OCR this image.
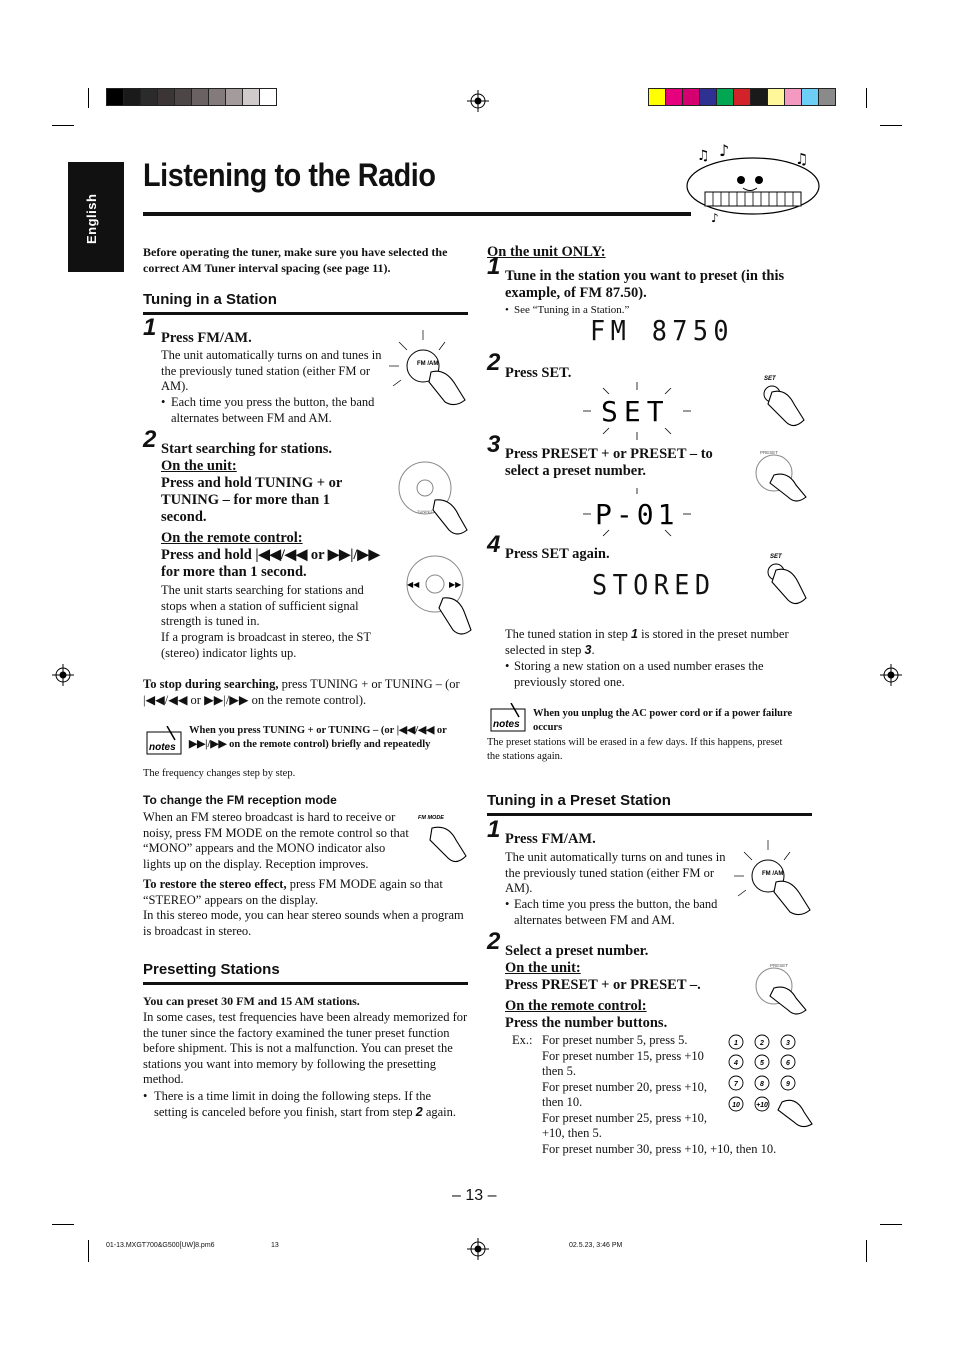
English
Listening to the Radio
♫ ♪	♫
♪
Before operating the tuner, make sure you have selected the correct AM Tuner interval spacing (see page 11).
Tuning in a Station
1 Press FM/AM.
The unit automatically turns on and tunes in the previously tuned station (either FM or AM).
• Each time you press the button, the band alternates between FM and AM.
FM /AM
2 Start searching for stations.
On the unit:
Press and hold TUNING + or TUNING – for more than 1 second.
On the remote control:
Press and hold |◀◀/◀◀ or ▶▶|/▶▶ for more than 1 second.
The unit starts searching for stations and stops when a station of sufficient signal strength is tuned in.
If a program is broadcast in stereo, the ST (stereo) indicator lights up.
TUNING
◀◀	▶▶
To stop during searching, press TUNING + or TUNING – (or |◀◀/◀◀ or ▶▶|/▶▶ on the remote control).
notes
When you press TUNING + or TUNING – (or |◀◀/◀◀ or ▶▶|/▶▶ on the remote control) briefly and repeatedly
The frequency changes step by step.
To change the FM reception mode
When an FM stereo broadcast is hard to receive or noisy, press FM MODE on the remote control so that “MONO” appears and the MONO indicator also lights up on the display. Reception improves.
FM MODE
To restore the stereo effect, press FM MODE again so that “STEREO” appears on the display.
In this stereo mode, you can hear stereo sounds when a program is broadcast in stereo.
Presetting Stations
You can preset 30 FM and 15 AM stations.
In some cases, test frequencies have been already memorized for the tuner since the factory examined the tuner preset function before shipment. This is not a malfunction. You can preset the stations you want into memory by following the presetting method.
• There is a time limit in doing the following steps. If the setting is canceled before you finish, start from step 2 again.
On the unit ONLY:
1 Tune in the station you want to preset (in this example, of FM 87.50).
• See “Tuning in a Station.”
FM 8750
2 Press SET.
SET
SET
3 Press PRESET + or PRESET – to select a preset number.
P-01
PRESET
4 Press SET again.
STORED
SET
The tuned station in step 1 is stored in the preset number selected in step 3.
• Storing a new station on a used number erases the previously stored one.
notes
When you unplug the AC power cord or if a power failure occurs
The preset stations will be erased in a few days. If this happens, preset the stations again.
Tuning in a Preset Station
1 Press FM/AM.
The unit automatically turns on and tunes in the previously tuned station (either FM or AM).
• Each time you press the button, the band alternates between FM and AM.
FM /AM
2 Select a preset number.
On the unit:
Press PRESET + or PRESET –.
On the remote control:
Press the number buttons.
PRESET
Ex.: For preset number 5, press 5.
For preset number 15, press +10 then 5.
For preset number 20, press +10, then 10.
For preset number 25, press +10, +10, then 5.
For preset number 30, press +10, +10, then 10.
1	2	3
4	5	6
7	8	9
10 +10
– 13 –
01-13.MXGT700&G500[UW]8.pm6	13	02.5.23, 3:46 PM
